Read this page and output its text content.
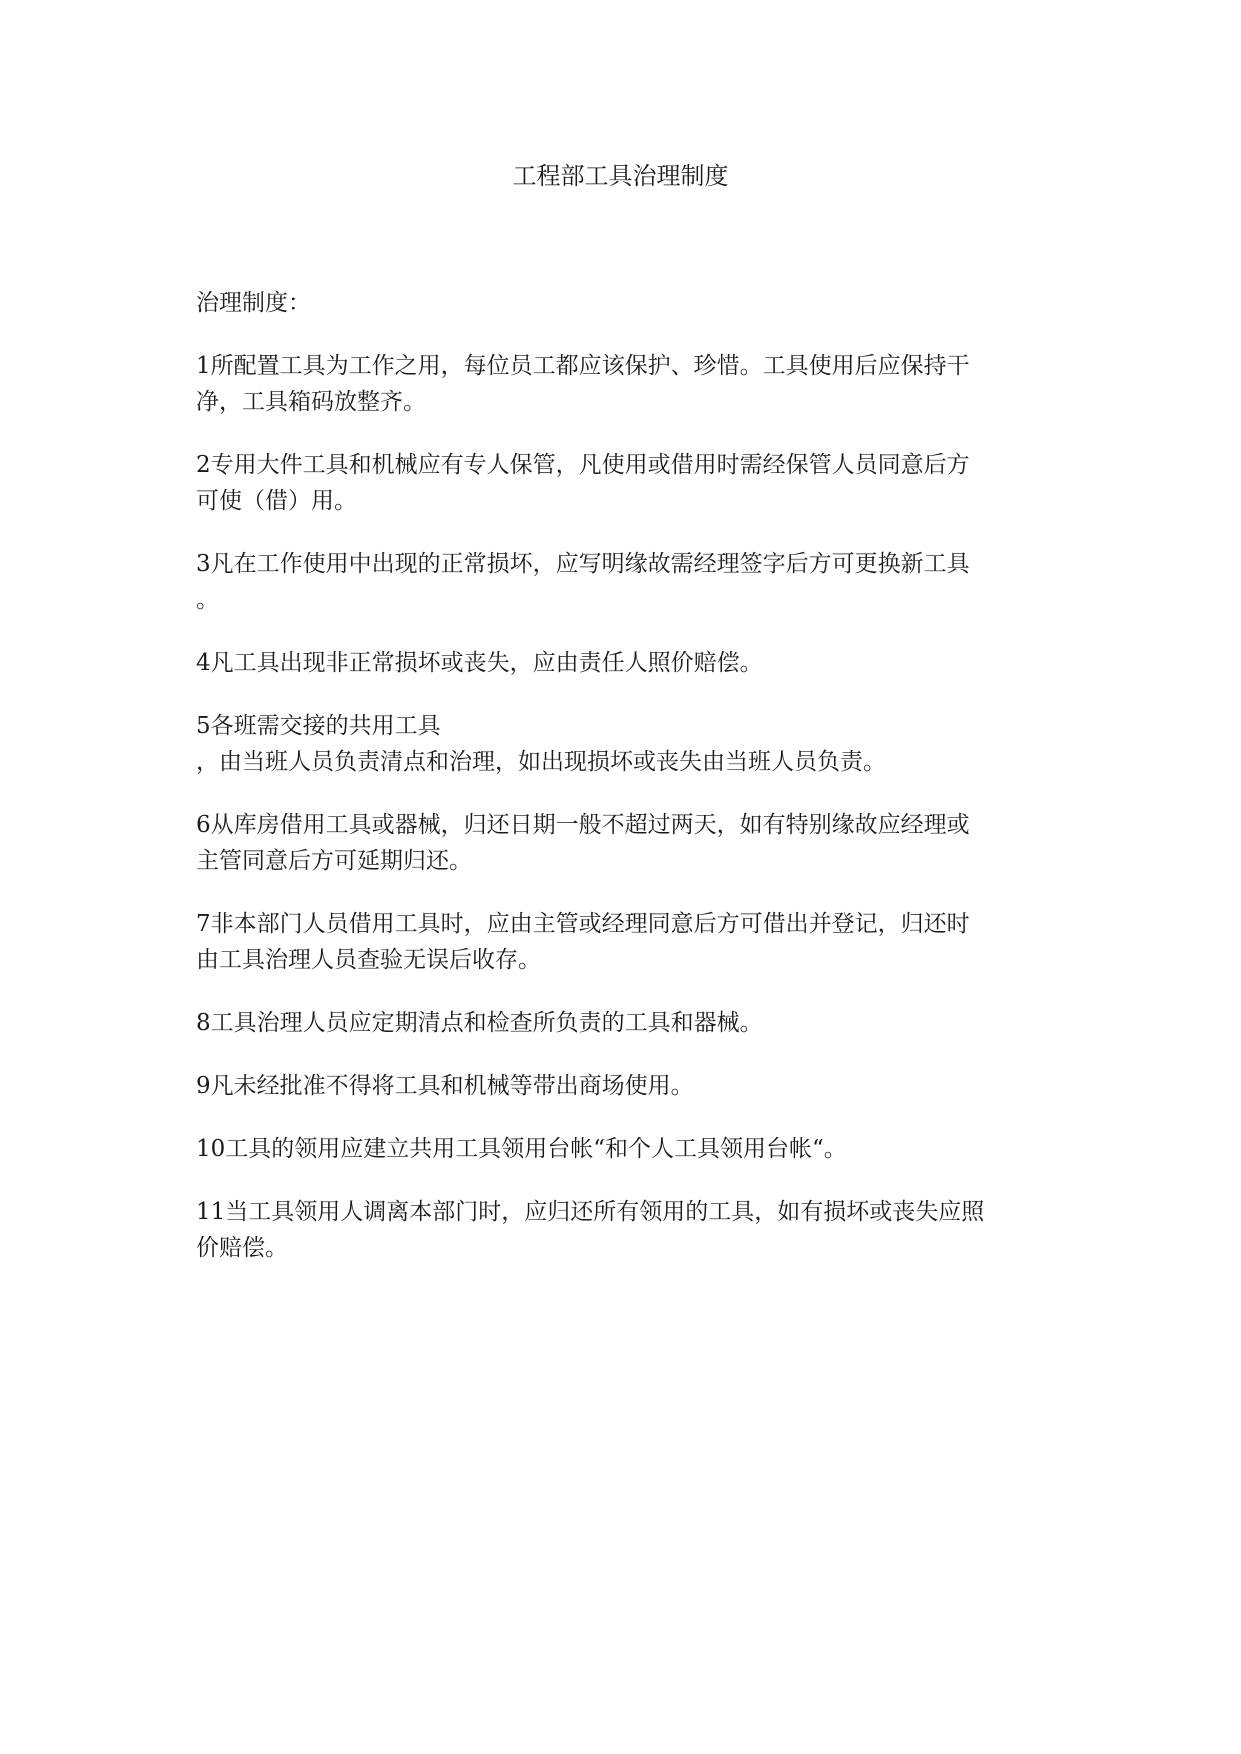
工程部工具治理制度

治理制度：

1所配置工具为工作之用，每位员工都应该保护、珍惜。工具使用后应保持干
净，工具箱码放整齐。
2专用大件工具和机械应有专人保管，凡使用或借用时需经保管人员同意后方
可使（借）用。
3凡在工作使用中出现的正常损坏，应写明缘故需经理签字后方可更换新工具
。
4凡工具出现非正常损坏或丧失，应由责任人照价赔偿。
5各班需交接的共用工具
，由当班人员负责清点和治理，如出现损坏或丧失由当班人员负责。
6从库房借用工具或器械，归还日期一般不超过两天，如有特别缘故应经理或
主管同意后方可延期归还。
7非本部门人员借用工具时，应由主管或经理同意后方可借出并登记，归还时
由工具治理人员查验无误后收存。
8工具治理人员应定期清点和检查所负责的工具和器械。
9凡未经批准不得将工具和机械等带出商场使用。
10工具的领用应建立共用工具领用台帐“和个人工具领用台帐“。
11当工具领用人调离本部门时，应归还所有领用的工具，如有损坏或丧失应照
价赔偿。
